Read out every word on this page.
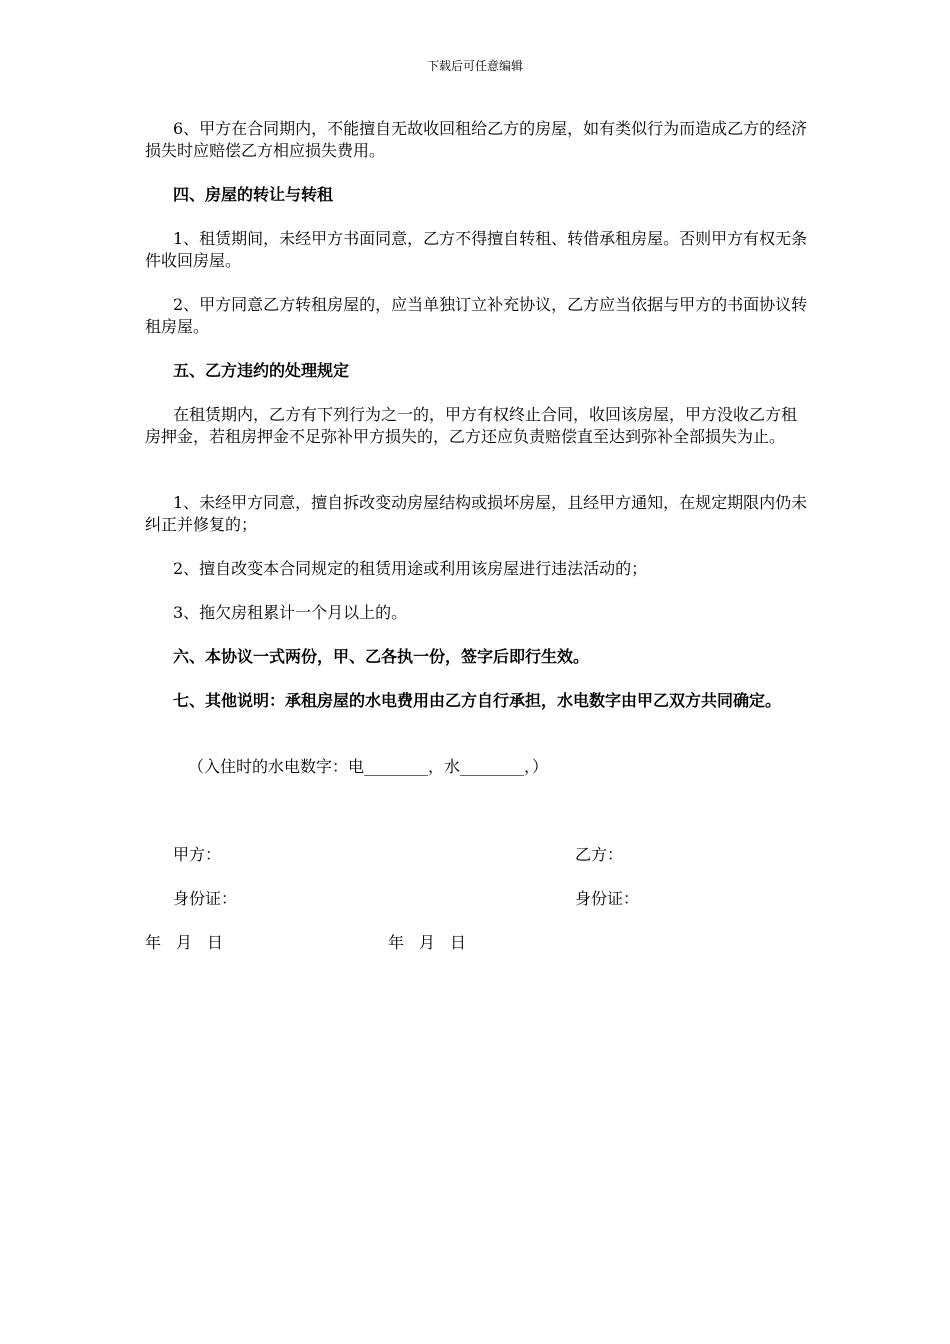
下载后可任意编辑

6、甲方在合同期内，不能擅自无故收回租给乙方的房屋，如有类似行为而造成乙方的经济损失时应赔偿乙方相应损失费用。

四、房屋的转让与转租

1、租赁期间，未经甲方书面同意，乙方不得擅自转租、转借承租房屋。否则甲方有权无条件收回房屋。

2、甲方同意乙方转租房屋的，应当单独订立补充协议，乙方应当依据与甲方的书面协议转租房屋。

五、乙方违约的处理规定

在租赁期内，乙方有下列行为之一的，甲方有权终止合同，收回该房屋，甲方没收乙方租房押金，若租房押金不足弥补甲方损失的，乙方还应负责赔偿直至达到弥补全部损失为止。

1、未经甲方同意，擅自拆改变动房屋结构或损坏房屋，且经甲方通知，在规定期限内仍未纠正并修复的；

2、擅自改变本合同规定的租赁用途或利用该房屋进行违法活动的；

3、拖欠房租累计一个月以上的。

六、本协议一式两份，甲、乙各执一份，签字后即行生效。

七、其他说明：承租房屋的水电费用由乙方自行承担，水电数字由甲乙双方共同确定。

（入住时的水电数字：电________，水________，）
甲方：	乙方：
身份证：	身份证：
年 月 日	年 月 日
